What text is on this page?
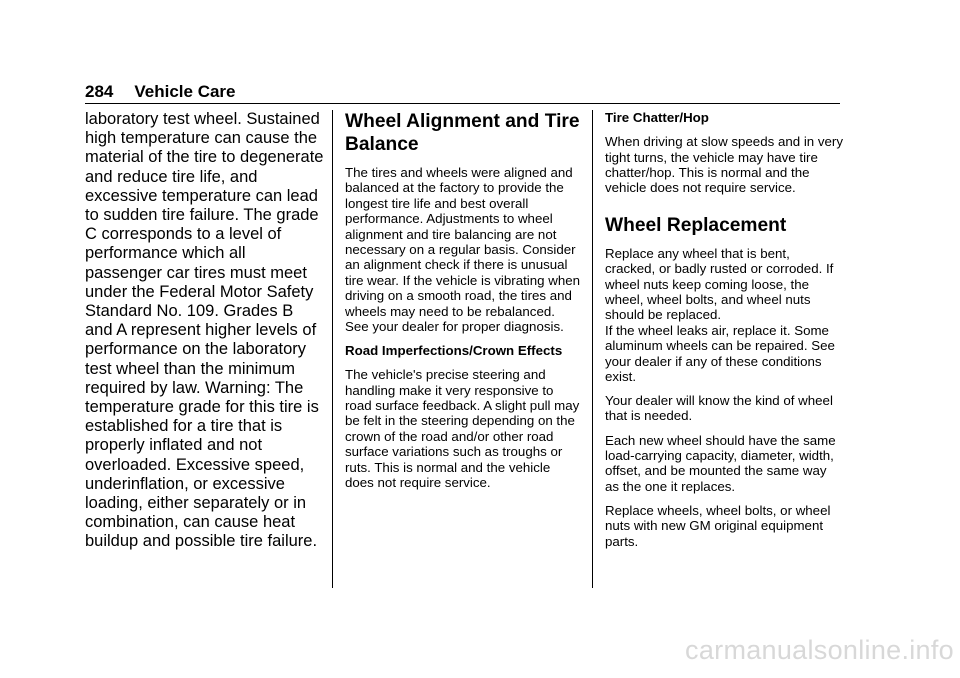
284 Vehicle Care

laboratory test wheel. Sustained high temperature can cause the material of the tire to degenerate and reduce tire life, and excessive temperature can lead to sudden tire failure. The grade C corresponds to a level of performance which all passenger car tires must meet under the Federal Motor Safety Standard No. 109. Grades B and A represent higher levels of performance on the laboratory test wheel than the minimum required by law. Warning: The temperature grade for this tire is established for a tire that is properly inflated and not overloaded. Excessive speed, underinflation, or excessive loading, either separately or in combination, can cause heat buildup and possible tire failure.

Wheel Alignment and Tire Balance

The tires and wheels were aligned and balanced at the factory to provide the longest tire life and best overall performance. Adjustments to wheel alignment and tire balancing are not necessary on a regular basis. Consider an alignment check if there is unusual tire wear. If the vehicle is vibrating when driving on a smooth road, the tires and wheels may need to be rebalanced. See your dealer for proper diagnosis.

Road Imperfections/Crown Effects

The vehicle's precise steering and handling make it very responsive to road surface feedback. A slight pull may be felt in the steering depending on the crown of the road and/or other road surface variations such as troughs or ruts. This is normal and the vehicle does not require service.

Tire Chatter/Hop

When driving at slow speeds and in very tight turns, the vehicle may have tire chatter/hop. This is normal and the vehicle does not require service.

Wheel Replacement

Replace any wheel that is bent, cracked, or badly rusted or corroded. If wheel nuts keep coming loose, the wheel, wheel bolts, and wheel nuts should be replaced.

If the wheel leaks air, replace it. Some aluminum wheels can be repaired. See your dealer if any of these conditions exist.

Your dealer will know the kind of wheel that is needed.

Each new wheel should have the same load-carrying capacity, diameter, width, offset, and be mounted the same way as the one it replaces.

Replace wheels, wheel bolts, or wheel nuts with new GM original equipment parts.

carmanualsonline.info
